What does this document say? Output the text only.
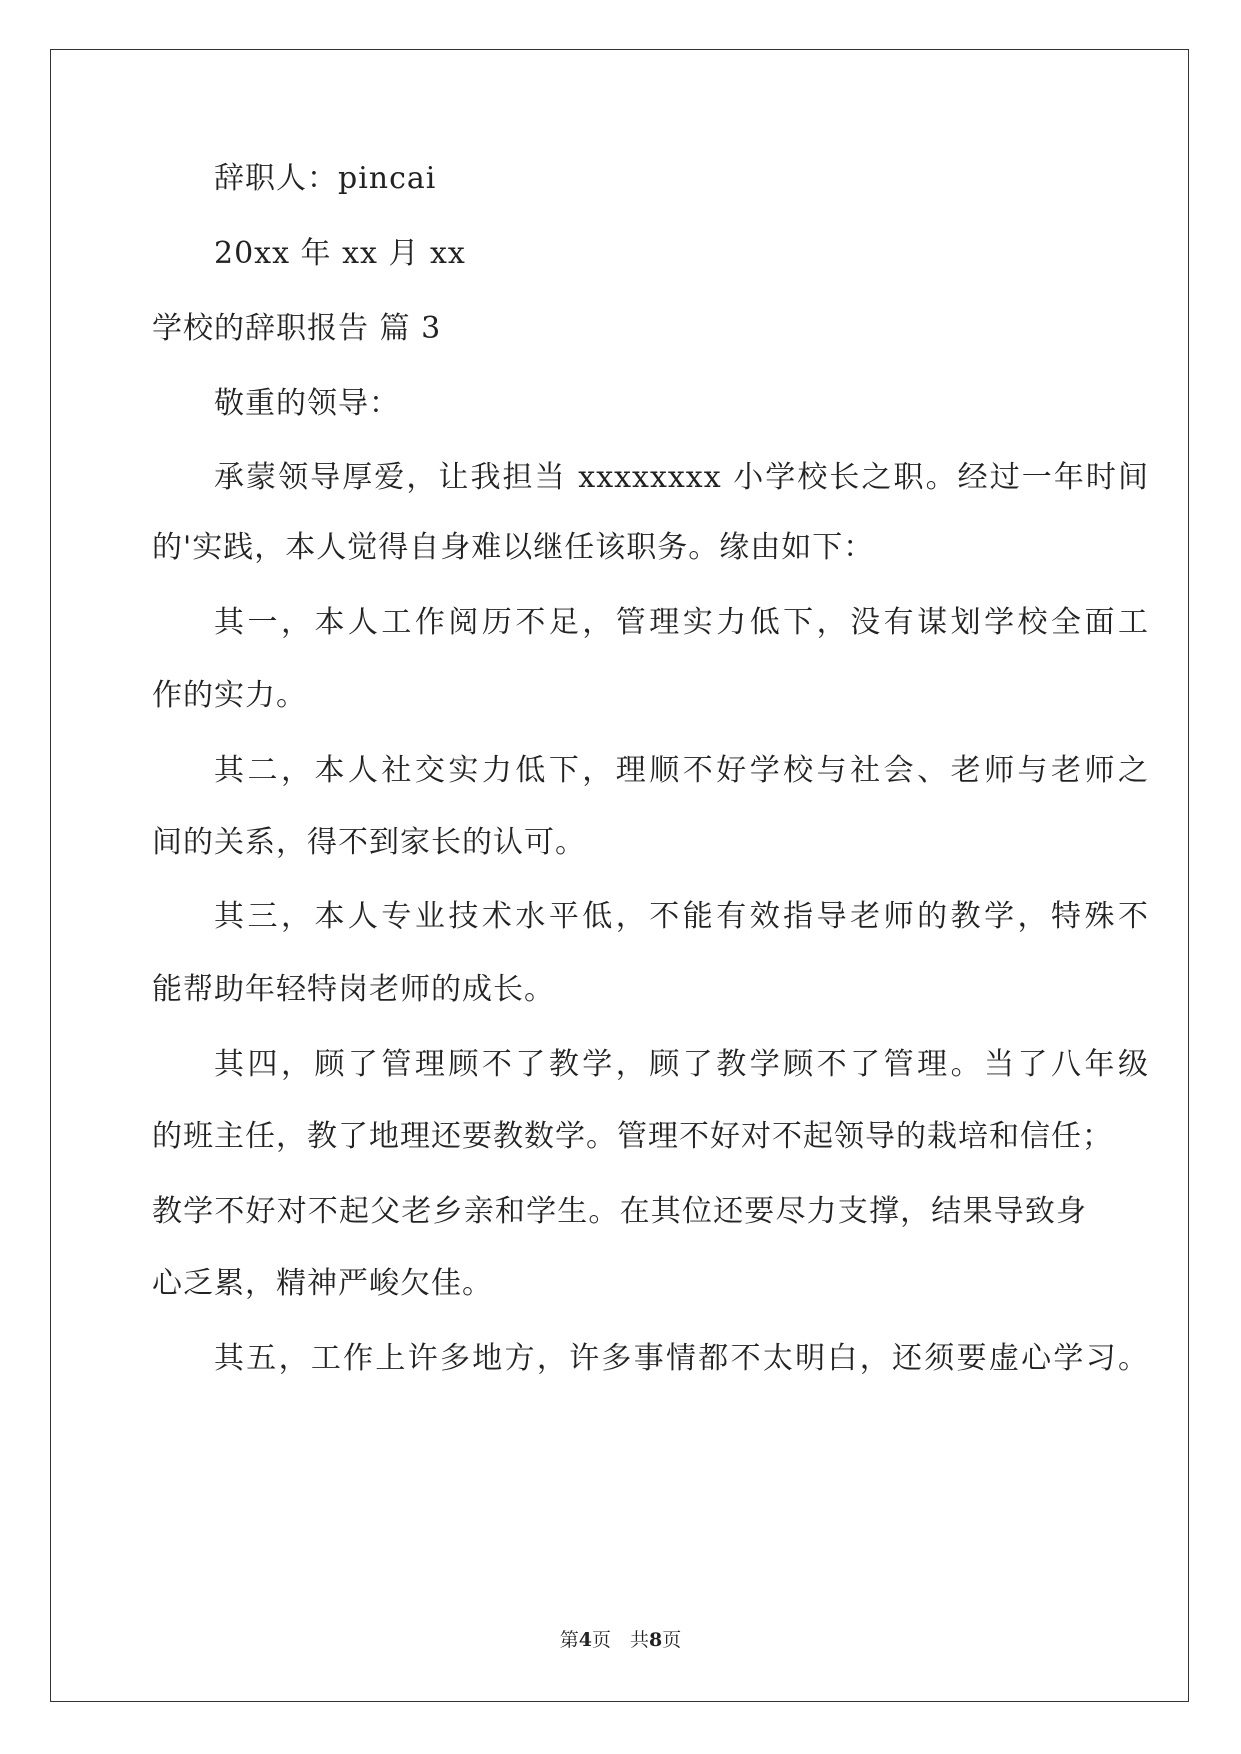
辞职人：pincai
20xx 年 xx 月 xx
学校的辞职报告 篇 3
敬重的领导：
承蒙领导厚爱，让我担当 xxxxxxxx 小学校长之职。经过一年时间
的'实践，本人觉得自身难以继任该职务。缘由如下：
其一，本人工作阅历不足，管理实力低下，没有谋划学校全面工
作的实力。
其二，本人社交实力低下，理顺不好学校与社会、老师与老师之
间的关系，得不到家长的认可。
其三，本人专业技术水平低，不能有效指导老师的教学，特殊不
能帮助年轻特岗老师的成长。
其四，顾了管理顾不了教学，顾了教学顾不了管理。当了八年级
的班主任，教了地理还要教数学。管理不好对不起领导的栽培和信任；
教学不好对不起父老乡亲和学生。在其位还要尽力支撑，结果导致身
心乏累，精神严峻欠佳。
其五，工作上许多地方，许多事情都不太明白，还须要虚心学习。
第4页　共8页
